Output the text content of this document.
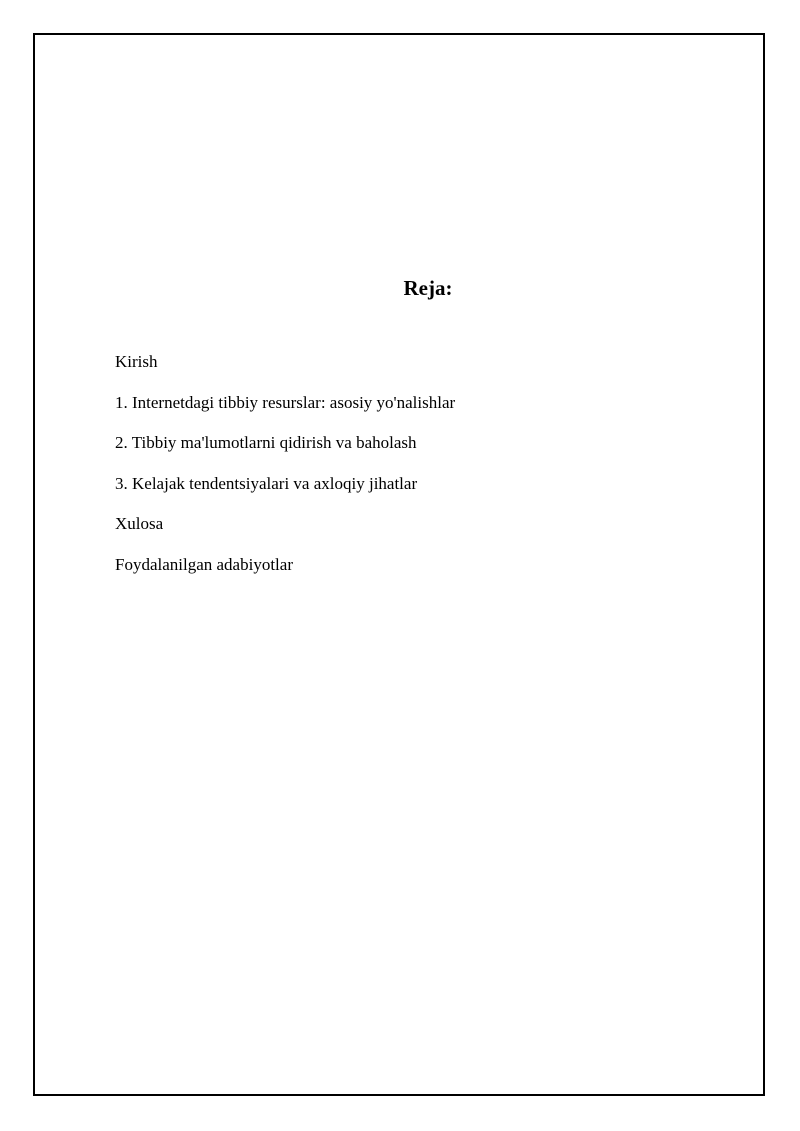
Reja:
Kirish
1. Internetdagi tibbiy resurslar: asosiy yo'nalishlar
2. Tibbiy ma'lumotlarni qidirish va baholash
3. Kelajak tendentsiyalari va axloqiy jihatlar
Xulosa
Foydalanilgan adabiyotlar
